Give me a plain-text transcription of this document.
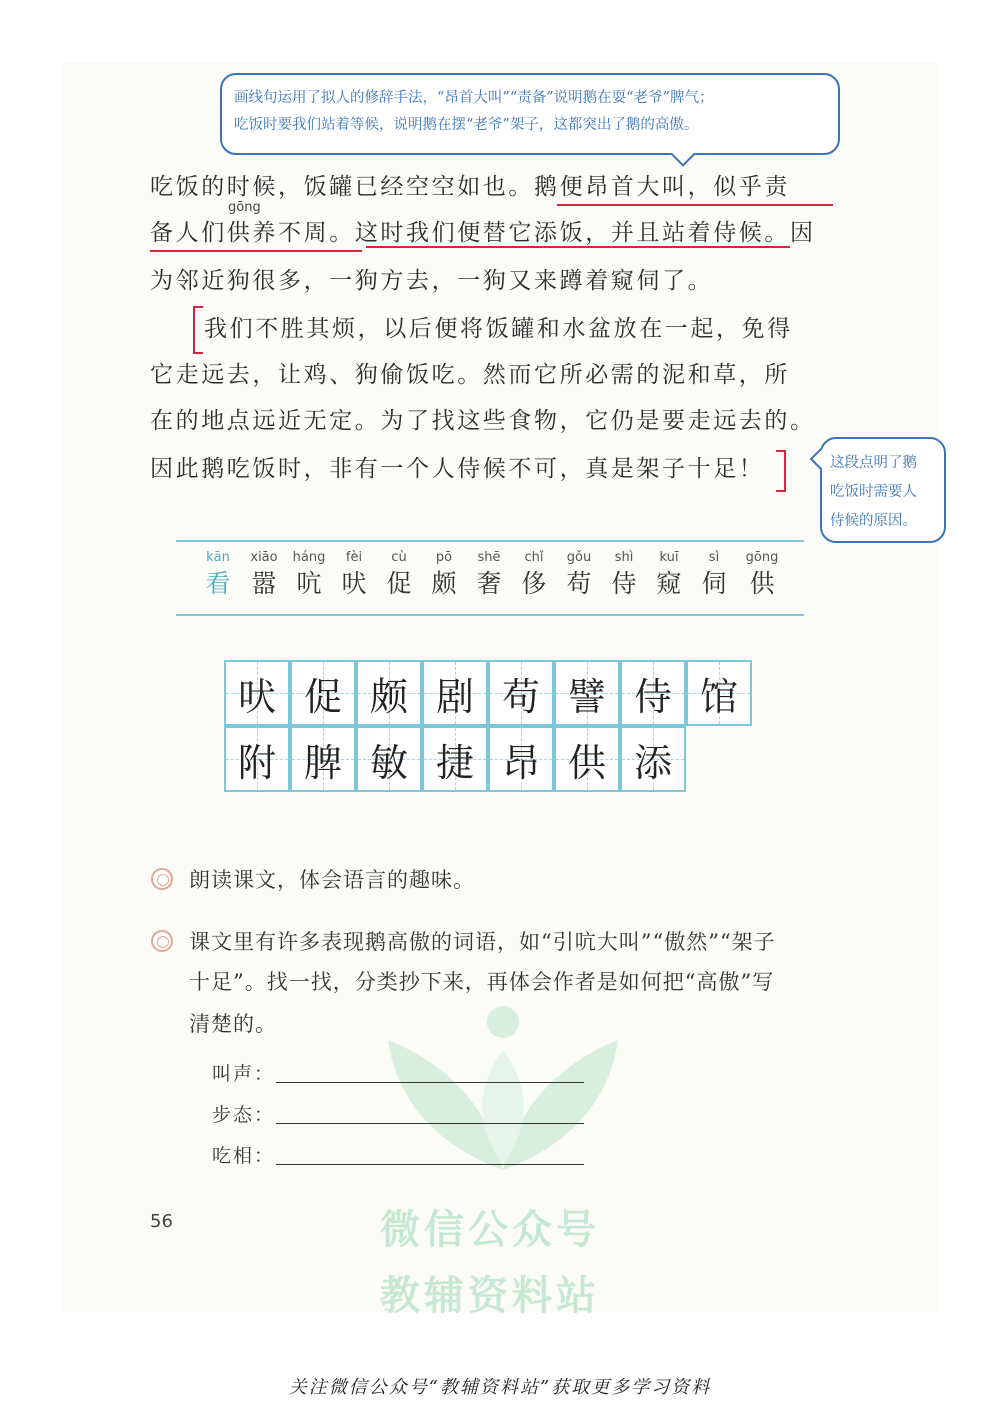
画线句运用了拟人的修辞手法，“昂首大叫”“责备”说明鹅在耍“老爷”脾气；
吃饭时要我们站着等候，说明鹅在摆“老爷”架子，这都突出了鹅的高傲。
吃饭的时候，饭罐已经空空如也。鹅便昂首大叫，似乎责
gōng
备人们供养不周。这时我们便替它添饭，并且站着侍候。因
为邻近狗很多，一狗方去，一狗又来蹲着窥伺了。
我们不胜其烦，以后便将饭罐和水盆放在一起，免得
它走远去，让鸡、狗偷饭吃。然而它所必需的泥和草，所
在的地点远近无定。为了找这些食物，它仍是要走远去的。
因此鹅吃饭时，非有一个人侍候不可，真是架子十足！	这段点明了鹅
吃饭时需要人
侍候的原因。
kān
看
xiāo
嚣
háng
吭
fèi
吠
cù
促
pō
颇
shē
奢
chǐ
侈
gǒu
苟
shì
侍
kuī
窥
sì
伺
gōng
供
吠 促 颇 剧 苟 譬 侍 馆
附 脾 敏 捷 昂 供 添
微信公众号
教辅资料站
朗读课文，体会语言的趣味。
课文里有许多表现鹅高傲的词语，如“引吭大叫”“傲然”“架子
十足”。找一找，分类抄下来，再体会作者是如何把“高傲”写
清楚的。
叫声：
步态：
吃相：
56
关注微信公众号“教辅资料站”获取更多学习资料
